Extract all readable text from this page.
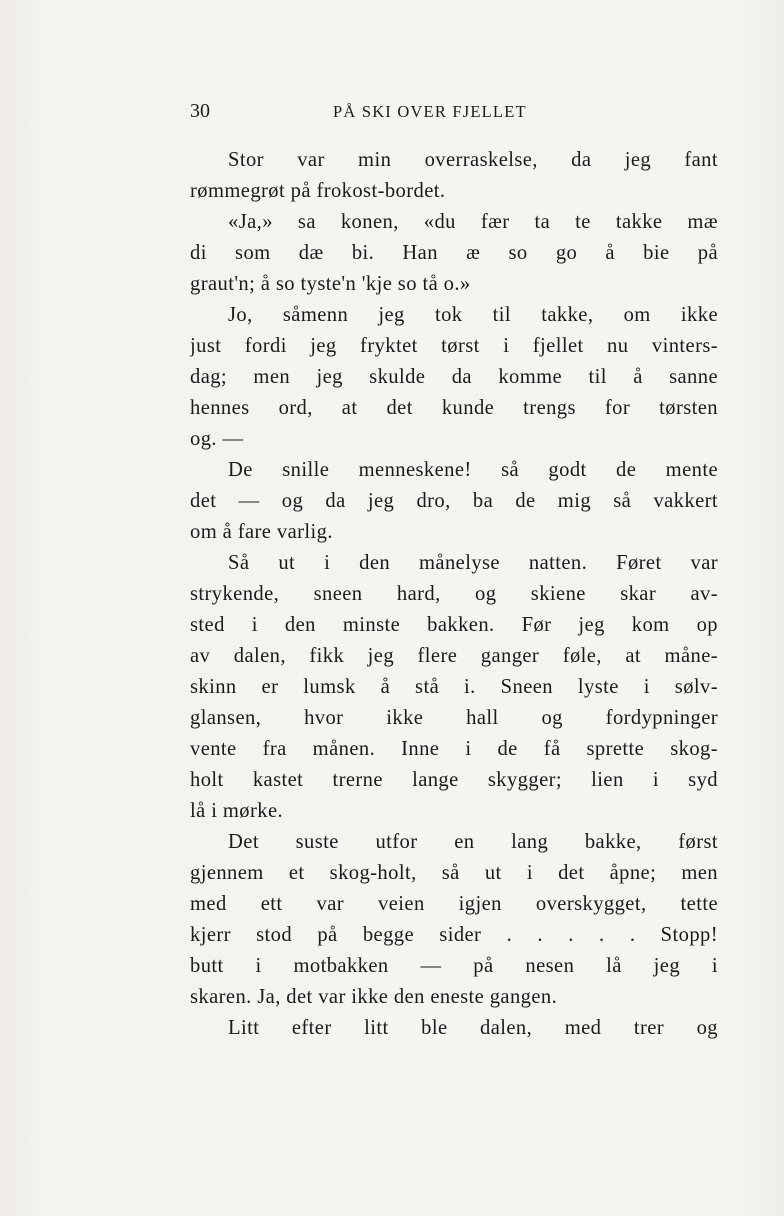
30	PÅ SKI OVER FJELLET
Stor var min overraskelse, da jeg fant
rømmegrøt på frokost-bordet.
«Ja,» sa konen, «du fær ta te takke mæ
di som dæ bi. Han æ so go å bie på
graut'n; å so tyste'n 'kje so tå o.»
Jo, såmenn jeg tok til takke, om ikke
just fordi jeg fryktet tørst i fjellet nu vinters-
dag; men jeg skulde da komme til å sanne
hennes ord, at det kunde trengs for tørsten
og. —
De snille menneskene! så godt de mente
det — og da jeg dro, ba de mig så vakkert
om å fare varlig.
Så ut i den månelyse natten. Føret var
strykende, sneen hard, og skiene skar av-
sted i den minste bakken. Før jeg kom op
av dalen, fikk jeg flere ganger føle, at måne-
skinn er lumsk å stå i. Sneen lyste i sølv-
glansen, hvor ikke hall og fordypninger
vente fra månen. Inne i de få sprette skog-
holt kastet trerne lange skygger; lien i syd
lå i mørke.
Det suste utfor en lang bakke, først
gjennem et skog-holt, så ut i det åpne; men
med ett var veien igjen overskygget, tette
kjerr stod på begge sider . . . . . Stopp!
butt i motbakken — på nesen lå jeg i
skaren. Ja, det var ikke den eneste gangen.
Litt efter litt ble dalen, med trer og
